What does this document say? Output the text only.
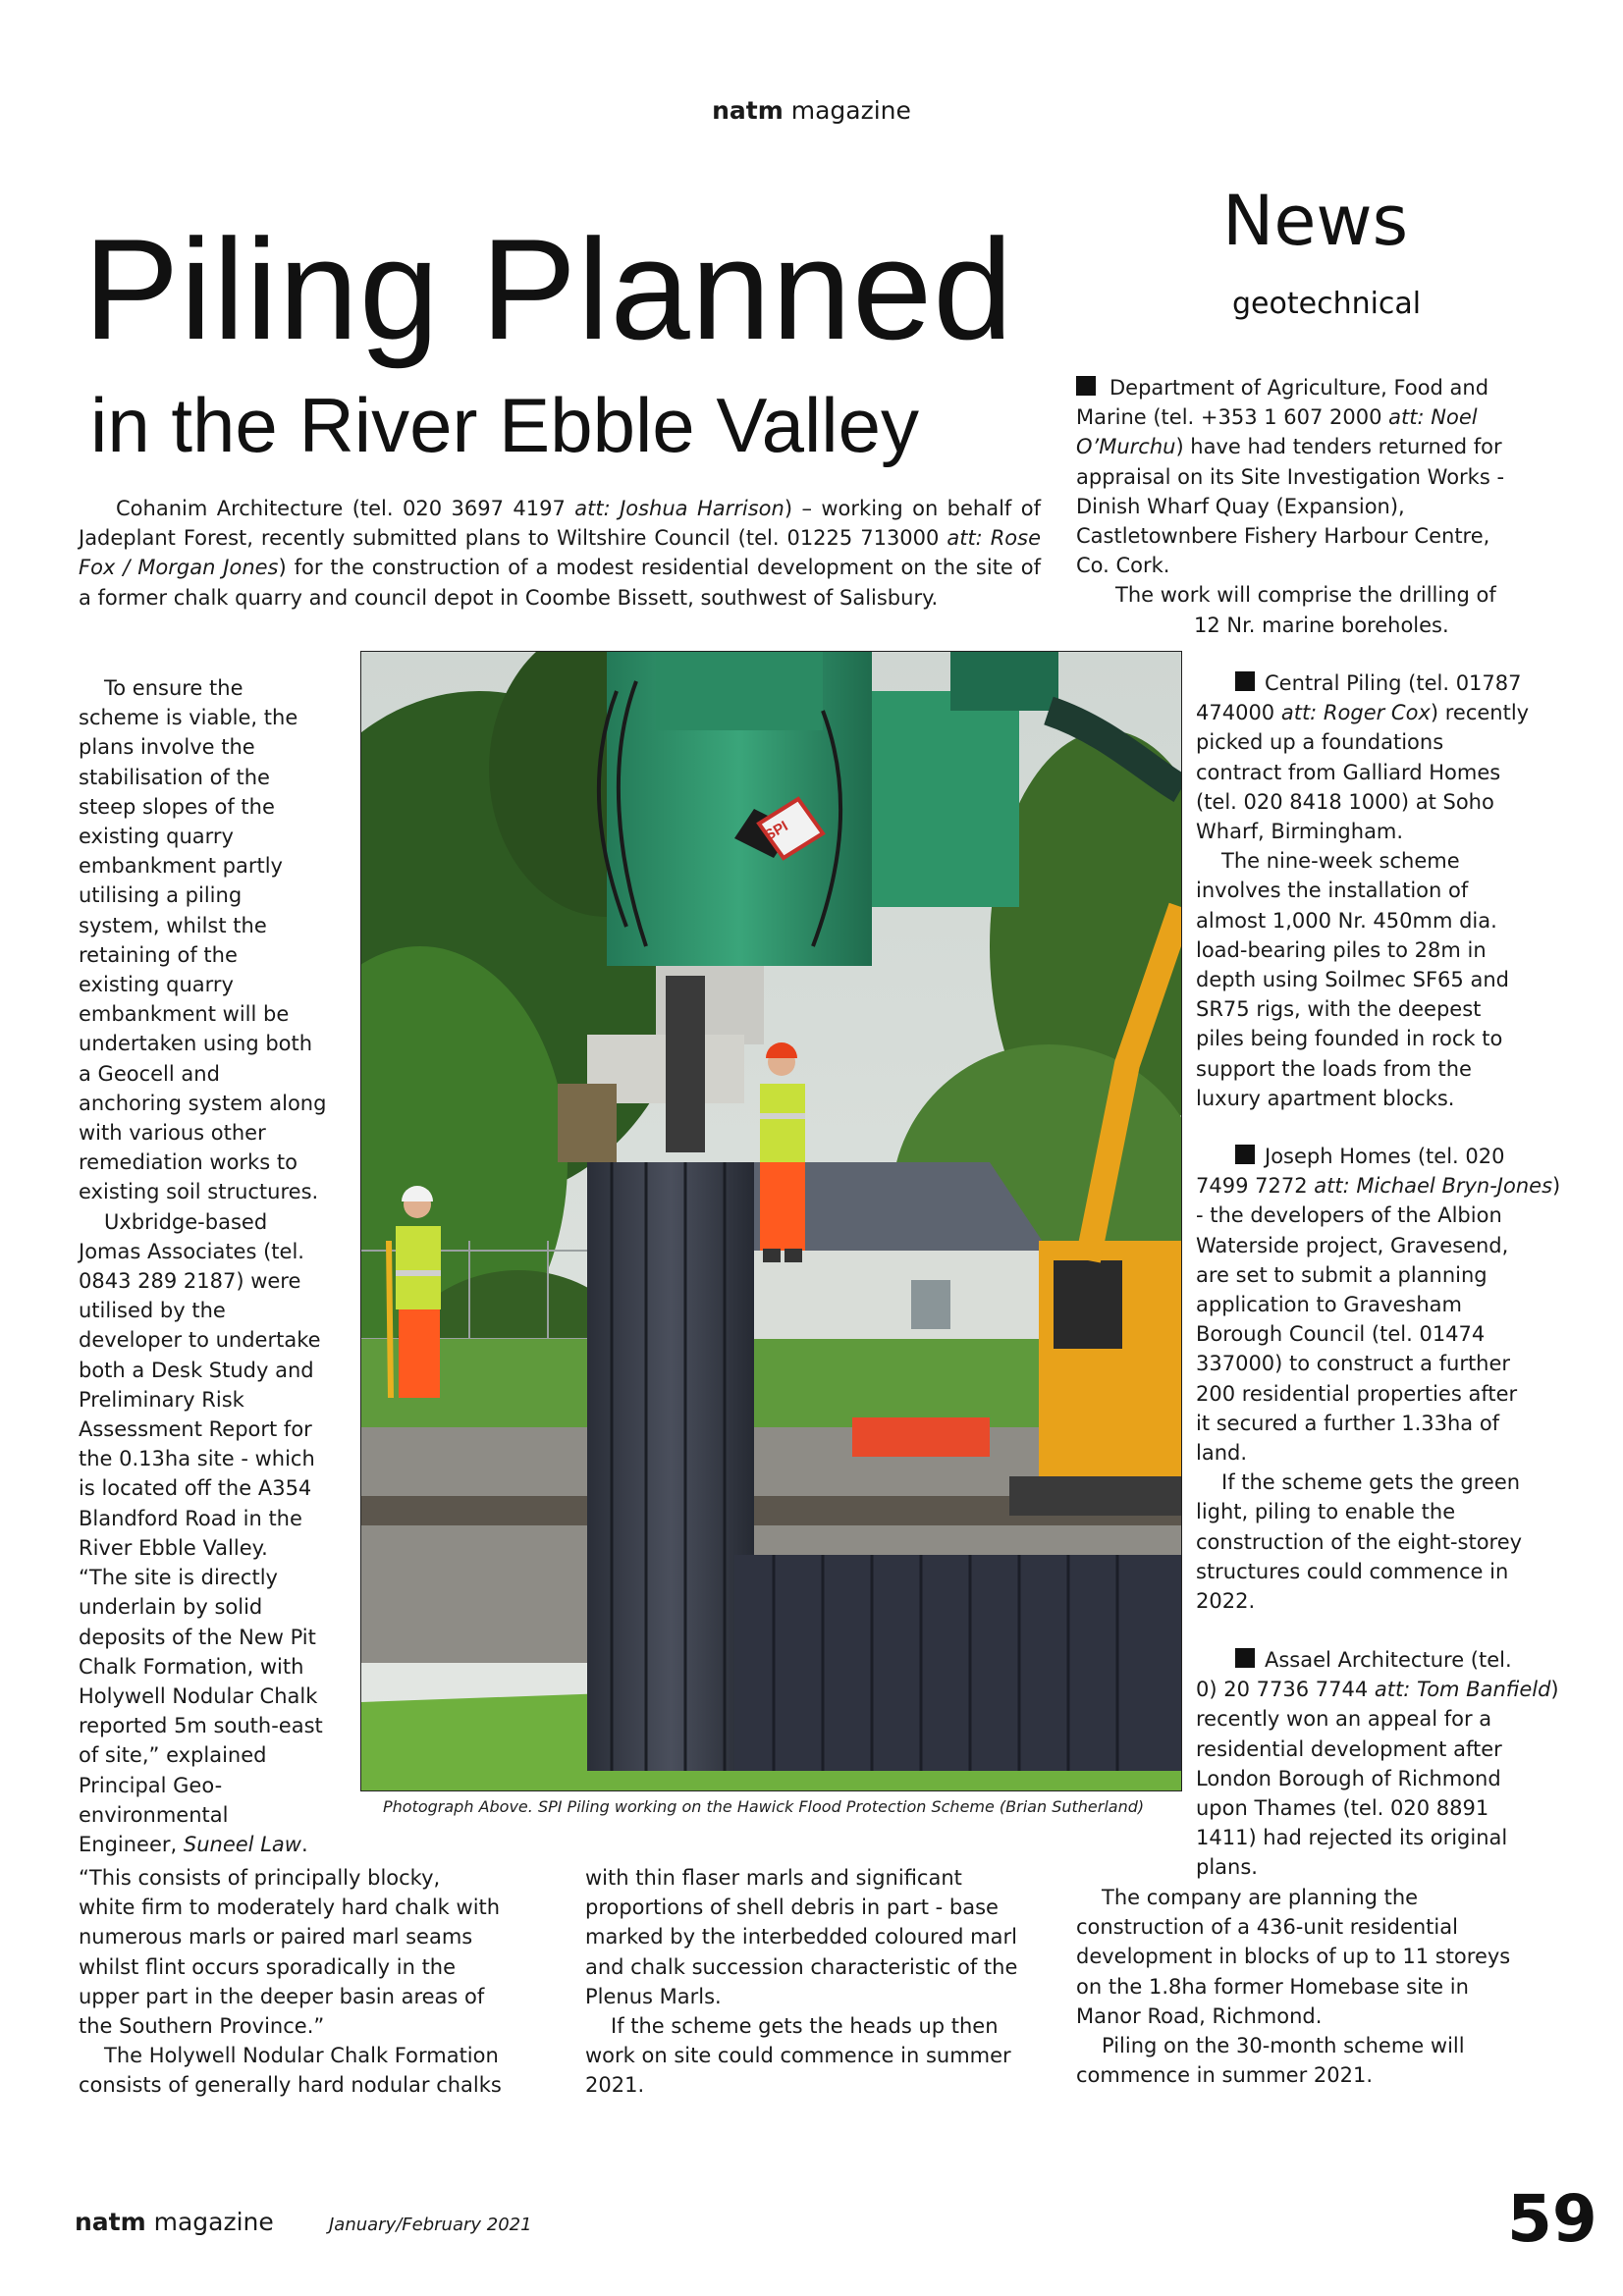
natm magazine
Piling Planned
in the River Ebble Valley
News
geotechnical

Cohanim Architecture (tel. 020 3697 4197 att: Joshua Harrison) – working on behalf of Jadeplant Forest, recently submitted plans to Wiltshire Council (tel. 01225 713000 att: Rose Fox / Morgan Jones) for the construction of a modest residential development on the site of a former chalk quarry and council depot in Coombe Bissett, southwest of Salisbury.

To ensure the
scheme is viable, the
plans involve the
stabilisation of the
steep slopes of the
existing quarry
embankment partly
utilising a piling
system, whilst the
retaining of the
existing quarry
embankment will be
undertaken using both
a Geocell and
anchoring system along
with various other
remediation works to
existing soil structures.
Uxbridge-based
Jomas Associates (tel.
0843 289 2187) were
utilised by the
developer to undertake
both a Desk Study and
Preliminary Risk
Assessment Report for
the 0.13ha site - which
is located off the A354
Blandford Road in the
River Ebble Valley.
“The site is directly
underlain by solid
deposits of the New Pit
Chalk Formation, with
Holywell Nodular Chalk
reported 5m south-east
of site,” explained
Principal Geo-
environmental
Engineer, Suneel Law.
“This consists of principally blocky,
white firm to moderately hard chalk with
numerous marls or paired marl seams
whilst flint occurs sporadically in the
upper part in the deeper basin areas of
the Southern Province.”
The Holywell Nodular Chalk Formation
consists of generally hard nodular chalks
with thin flaser marls and significant
proportions of shell debris in part - base
marked by the interbedded coloured marl
and chalk succession characteristic of the
Plenus Marls.
If the scheme gets the heads up then
work on site could commence in summer
2021.
SPI
Photograph Above. SPI Piling working on the Hawick Flood Protection Scheme (Brian Sutherland)
Department of Agriculture, Food and
Marine (tel. +353 1 607 2000 att: Noel
O’Murchu) have had tenders returned for
appraisal on its Site Investigation Works -
Dinish Wharf Quay (Expansion),
Castletownbere Fishery Harbour Centre,
Co. Cork.
The work will comprise the drilling of
12 Nr. marine boreholes.
Central Piling (tel. 01787
474000 att: Roger Cox) recently
picked up a foundations
contract from Galliard Homes
(tel. 020 8418 1000) at Soho
Wharf, Birmingham.
The nine-week scheme
involves the installation of
almost 1,000 Nr. 450mm dia.
load-bearing piles to 28m in
depth using Soilmec SF65 and
SR75 rigs, with the deepest
piles being founded in rock to
support the loads from the
luxury apartment blocks.
Joseph Homes (tel. 020
7499 7272 att: Michael Bryn-Jones)
- the developers of the Albion
Waterside project, Gravesend,
are set to submit a planning
application to Gravesham
Borough Council (tel. 01474
337000) to construct a further
200 residential properties after
it secured a further 1.33ha of
land.
If the scheme gets the green
light, piling to enable the
construction of the eight-storey
structures could commence in
2022.
Assael Architecture (tel.
0) 20 7736 7744 att: Tom Banfield)
recently won an appeal for a
residential development after
London Borough of Richmond
upon Thames (tel. 020 8891
1411) had rejected its original
plans.
The company are planning the
construction of a 436-unit residential
development in blocks of up to 11 storeys
on the 1.8ha former Homebase site in
Manor Road, Richmond.
Piling on the 30-month scheme will
commence in summer 2021.
natm magazine	January/February 2021	59
